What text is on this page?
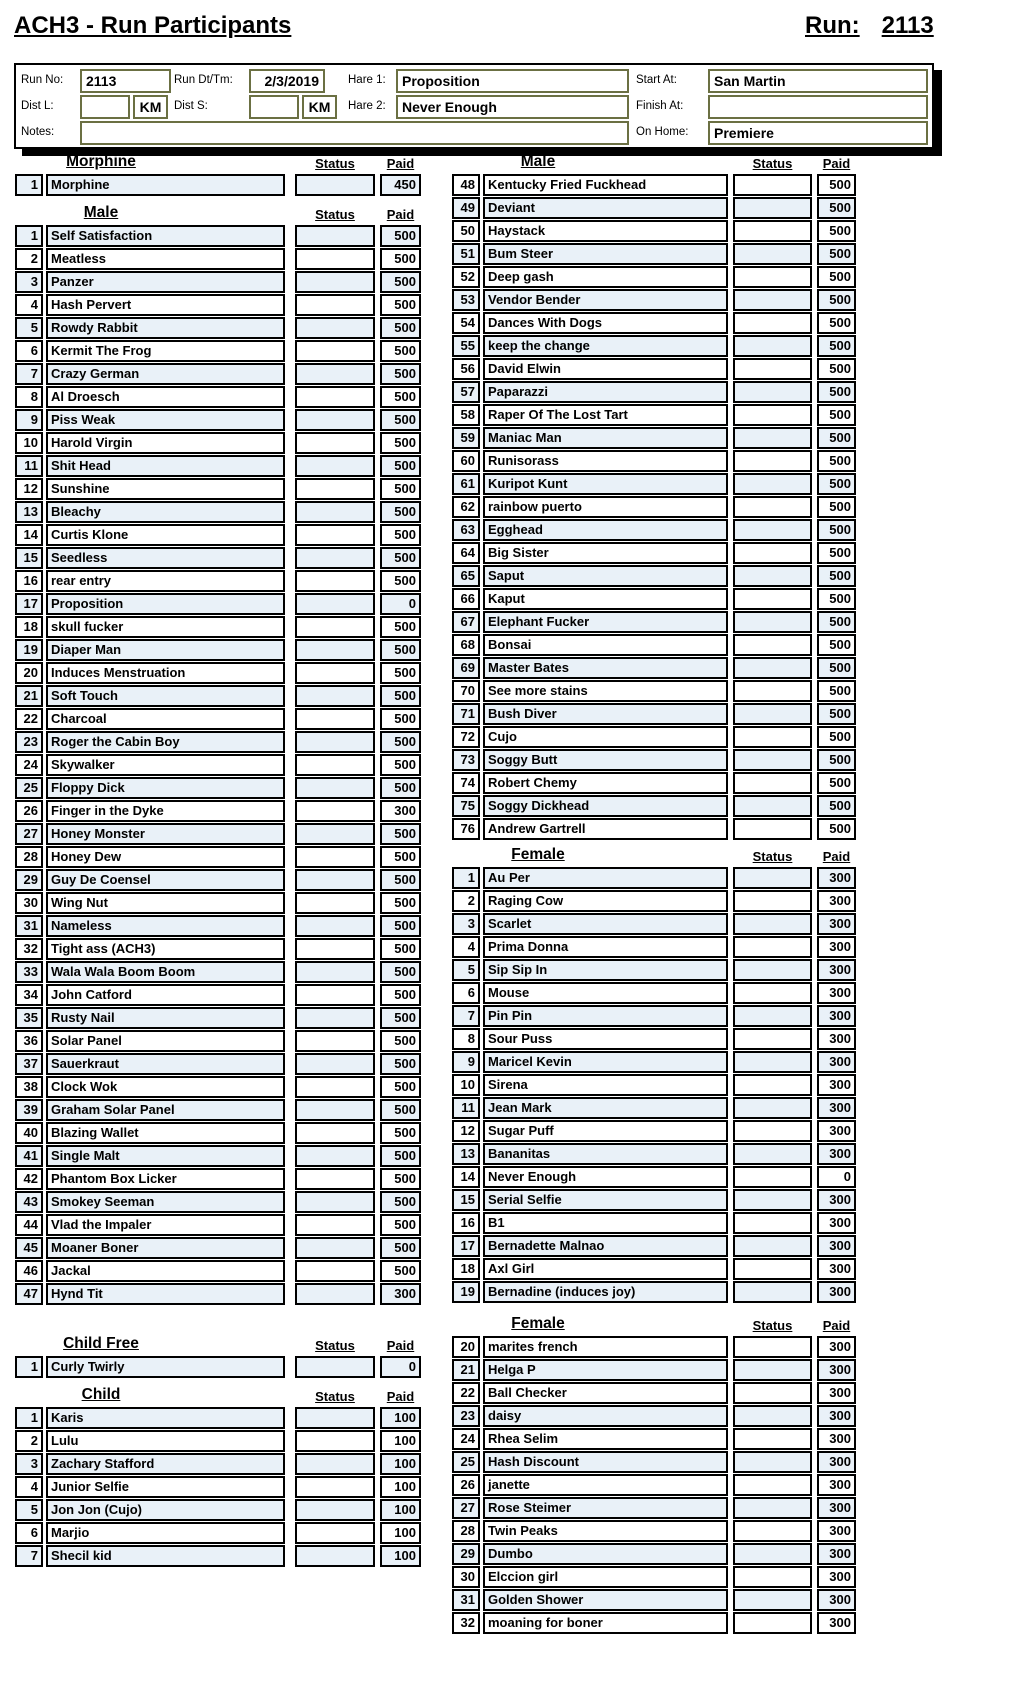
ACH3 - Run Participants	Run: 2113
Run No:	2113	Run Dt/Tm:	2/3/2019	Hare 1:	Proposition	Start At:	San Martin
Dist L:	KM	Dist S:	KM	Hare 2:	Never Enough	Finish At:
Notes:	On Home:	Premiere
Morphine	Status	Paid
1	Morphine	450
Male	Status	Paid
1	Self Satisfaction	500
2	Meatless	500
3	Panzer	500
4	Hash Pervert	500
5	Rowdy Rabbit	500
6	Kermit The Frog	500
7	Crazy German	500
8	Al Droesch	500
9	Piss Weak	500
10	Harold Virgin	500
11	Shit Head	500
12	Sunshine	500
13	Bleachy	500
14	Curtis Klone	500
15	Seedless	500
16	rear entry	500
17	Proposition	0
18	skull fucker	500
19	Diaper Man	500
20	Induces Menstruation	500
21	Soft Touch	500
22	Charcoal	500
23	Roger the Cabin Boy	500
24	Skywalker	500
25	Floppy Dick	500
26	Finger in the Dyke	300
27	Honey Monster	500
28	Honey Dew	500
29	Guy De Coensel	500
30	Wing Nut	500
31	Nameless	500
32	Tight ass (ACH3)	500
33	Wala Wala Boom Boom	500
34	John Catford	500
35	Rusty Nail	500
36	Solar Panel	500
37	Sauerkraut	500
38	Clock Wok	500
39	Graham Solar Panel	500
40	Blazing Wallet	500
41	Single Malt	500
42	Phantom Box Licker	500
43	Smokey Seeman	500
44	Vlad the Impaler	500
45	Moaner Boner	500
46	Jackal	500
47	Hynd Tit	300
Child Free	Status	Paid
1	Curly Twirly	0
Child	Status	Paid
1	Karis	100
2	Lulu	100
3	Zachary Stafford	100
4	Junior Selfie	100
5	Jon Jon (Cujo)	100
6	Marjio	100
7	Shecil kid	100
Male	Status	Paid
48	Kentucky Fried Fuckhead	500
49	Deviant	500
50	Haystack	500
51	Bum Steer	500
52	Deep gash	500
53	Vendor Bender	500
54	Dances With Dogs	500
55	keep the change	500
56	David Elwin	500
57	Paparazzi	500
58	Raper Of The Lost Tart	500
59	Maniac Man	500
60	Runisorass	500
61	Kuripot Kunt	500
62	rainbow puerto	500
63	Egghead	500
64	Big Sister	500
65	Saput	500
66	Kaput	500
67	Elephant Fucker	500
68	Bonsai	500
69	Master Bates	500
70	See more stains	500
71	Bush Diver	500
72	Cujo	500
73	Soggy Butt	500
74	Robert Chemy	500
75	Soggy Dickhead	500
76	Andrew Gartrell	500
Female	Status	Paid
1	Au Per	300
2	Raging Cow	300
3	Scarlet	300
4	Prima Donna	300
5	Sip Sip In	300
6	Mouse	300
7	Pin Pin	300
8	Sour Puss	300
9	Maricel Kevin	300
10	Sirena	300
11	Jean Mark	300
12	Sugar Puff	300
13	Bananitas	300
14	Never Enough	0
15	Serial Selfie	300
16	B1	300
17	Bernadette Malnao	300
18	Axl Girl	300
19	Bernadine (induces joy)	300
Female	Status	Paid
20	marites french	300
21	Helga P	300
22	Ball Checker	300
23	daisy	300
24	Rhea Selim	300
25	Hash Discount	300
26	janette	300
27	Rose Steimer	300
28	Twin Peaks	300
29	Dumbo	300
30	Elccion girl	300
31	Golden Shower	300
32	moaning for boner	300
